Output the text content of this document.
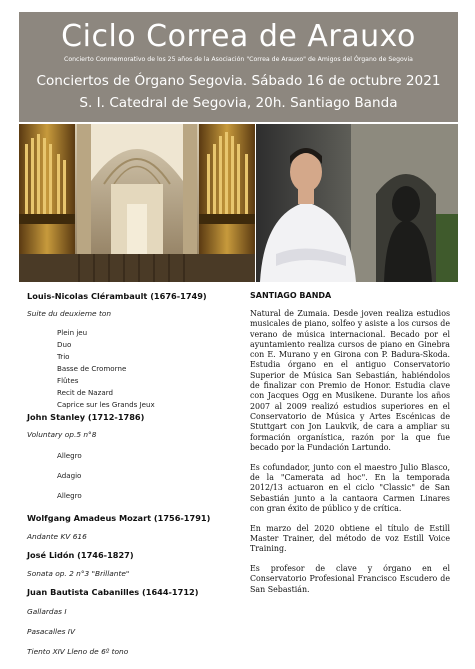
Ciclo Correa de Arauxo
Concierto Conmemorativo de los 25 años de la Asociación "Correa de Arauxo" de Amigos del Órgano de Segovia
Conciertos de Órgano Segovia. Sábado 16 de octubre 2021
S. I. Catedral de Segovia, 20h. Santiago Banda
Louis-Nicolas Clérambault (1676-1749)
Suite du deuxieme ton
Plein jeu
Duo
Trio
Basse de Cromorne
Flûtes
Recit de Nazard
Caprice sur les Grands Jeux
John Stanley (1712-1786)
Voluntary op.5 n°8
Allegro
Adagio
Allegro
Wolfgang Amadeus Mozart (1756-1791)
Andante KV 616
José Lidón (1746-1827)
Sonata op. 2 n°3 "Brillante"
Juan Bautista Cabanilles (1644-1712)
Gallardas I
Pasacalles IV
Tiento XIV Lleno de 6º tono
SANTIAGO BANDA

Natural de Zumaia. Desde joven realiza estudios musicales de piano, solfeo y asiste a los cursos de verano de música internacional. Becado por el ayuntamiento realiza cursos de piano en Ginebra con E. Murano y en Girona con P. Badura-Skoda. Estudia órgano en el antiguo Conservatorio Superior de Música San Sebastián, habiéndolos de finalizar con Premio de Honor. Estudia clave con Jacques Ogg en Musikene. Durante los años 2007 al 2009 realizó estudios superiores en el Conservatorio de Música y Artes Escénicas de Stuttgart con Jon Laukvik, de cara a ampliar su formación organística, razón por la que fue becado por la Fundación Lartundo.

Es cofundador, junto con el maestro Julio Blasco, de la "Camerata ad hoc". En la temporada 2012/13 actuaron en el ciclo "Classic" de San Sebastián junto a la cantaora Carmen Linares con gran éxito de público y de crítica.

En marzo del 2020 obtiene el título de Estill Master Trainer, del método de voz Estill Voice Training.

Es profesor de clave y órgano en el Conservatorio Profesional Francisco Escudero de San Sebastián.
